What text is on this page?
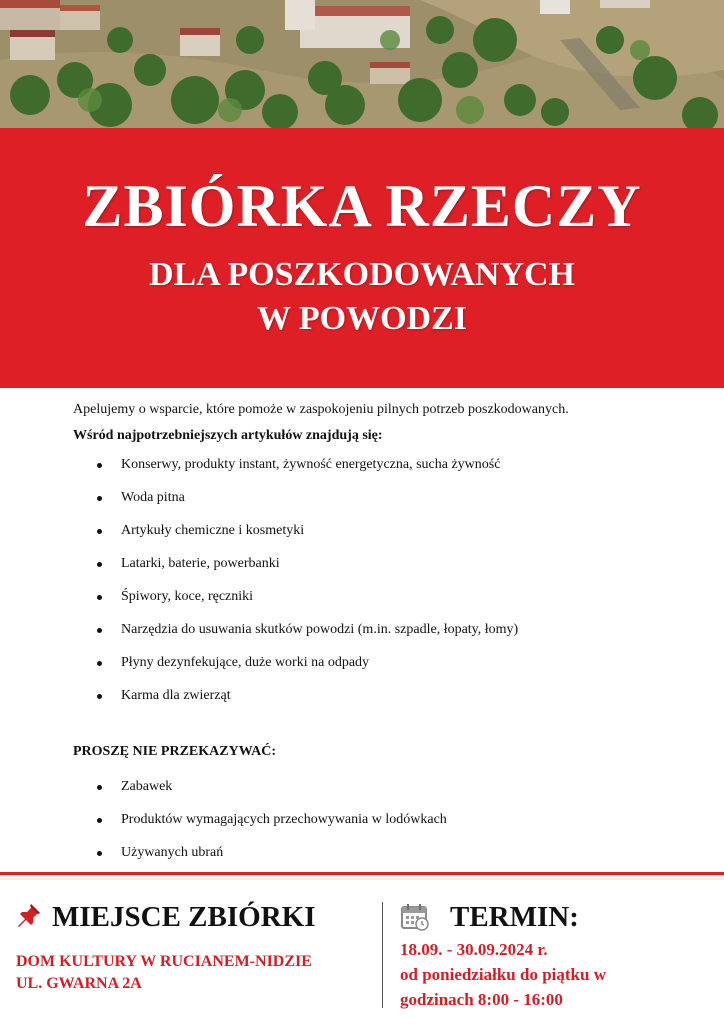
ZBIÓRKA RZECZY
DLA POSZKODOWANYCH
W POWODZI

Apelujemy o wsparcie, które pomoże w zaspokojeniu pilnych potrzeb poszkodowanych.

Wśród najpotrzebniejszych artykułów znajdują się:

Konserwy, produkty instant, żywność energetyczna, sucha żywność
Woda pitna
Artykuły chemiczne i kosmetyki
Latarki, baterie, powerbanki
Śpiwory, koce, ręczniki
Narzędzia do usuwania skutków powodzi (m.in. szpadle, łopaty, łomy)
Płyny dezynfekujące, duże worki na odpady
Karma dla zwierząt
PROSZĘ NIE PRZEKAZYWAĆ:
Zabawek
Produktów wymagających przechowywania w lodówkach
Używanych ubrań
MIEJSCE ZBIÓRKI
DOM KULTURY W RUCIANEM-NIDZIE
UL. GWARNA 2A
TERMIN:
18.09. - 30.09.2024 r.
od poniedziałku do piątku w
godzinach 8:00 - 16:00
